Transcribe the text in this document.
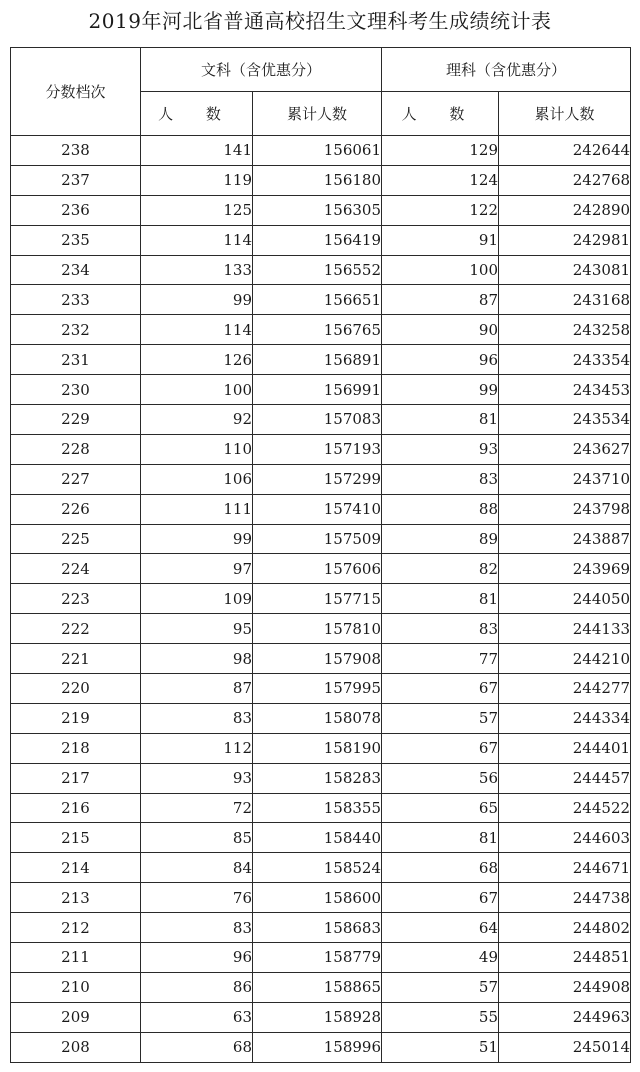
2019年河北省普通高校招生文理科考生成绩统计表
分数档次	文科（含优惠分）		理科（含优惠分）	
	人 数	累计人数	人 数	累计人数
238	141	156061	129	242644
237	119	156180	124	242768
236	125	156305	122	242890
235	114	156419	91	242981
234	133	156552	100	243081
233	99	156651	87	243168
232	114	156765	90	243258
231	126	156891	96	243354
230	100	156991	99	243453
229	92	157083	81	243534
228	110	157193	93	243627
227	106	157299	83	243710
226	111	157410	88	243798
225	99	157509	89	243887
224	97	157606	82	243969
223	109	157715	81	244050
222	95	157810	83	244133
221	98	157908	77	244210
220	87	157995	67	244277
219	83	158078	57	244334
218	112	158190	67	244401
217	93	158283	56	244457
216	72	158355	65	244522
215	85	158440	81	244603
214	84	158524	68	244671
213	76	158600	67	244738
212	83	158683	64	244802
211	96	158779	49	244851
210	86	158865	57	244908
209	63	158928	55	244963
208	68	158996	51	245014
